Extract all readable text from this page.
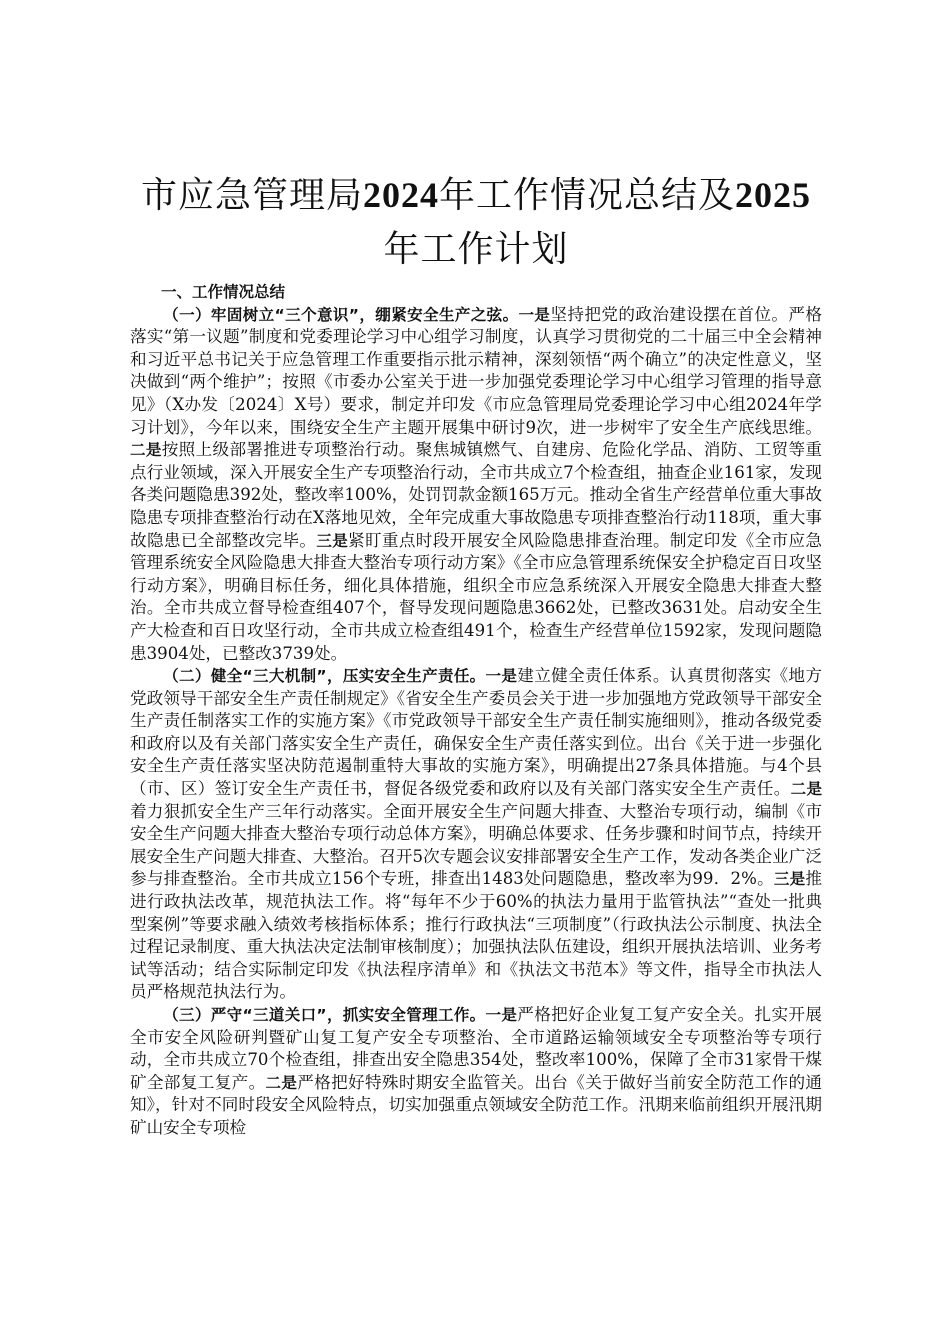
市应急管理局2024年工作情况总结及2025年工作计划
一、工作情况总结

（一）牢固树立“三个意识”，绷紧安全生产之弦。一是坚持把党的政治建设摆在首位。严格落实“第一议题”制度和党委理论学习中心组学习制度，认真学习贯彻党的二十届三中全会精神和习近平总书记关于应急管理工作重要指示批示精神，深刻领悟“两个确立”的决定性意义，坚决做到“两个维护”；按照《市委办公室关于进一步加强党委理论学习中心组学习管理的指导意见》（X办发〔2024〕X号）要求，制定并印发《市应急管理局党委理论学习中心组2024年学习计划》，今年以来，围绕安全生产主题开展集中研讨9次，进一步树牢了安全生产底线思维。二是按照上级部署推进专项整治行动。聚焦城镇燃气、自建房、危险化学品、消防、工贸等重点行业领域，深入开展安全生产专项整治行动，全市共成立7个检查组，抽查企业161家，发现各类问题隐患392处，整改率100%，处罚罚款金额165万元。推动全省生产经营单位重大事故隐患专项排查整治行动在X落地见效，全年完成重大事故隐患专项排查整治行动118项，重大事故隐患已全部整改完毕。三是紧盯重点时段开展安全风险隐患排查治理。制定印发《全市应急管理系统安全风险隐患大排查大整治专项行动方案》《全市应急管理系统保安全护稳定百日攻坚行动方案》，明确目标任务，细化具体措施，组织全市应急系统深入开展安全隐患大排查大整治。全市共成立督导检查组407个，督导发现问题隐患3662处，已整改3631处。启动安全生产大检查和百日攻坚行动，全市共成立检查组491个，检查生产经营单位1592家，发现问题隐患3904处，已整改3739处。

（二）健全“三大机制”，压实安全生产责任。一是建立健全责任体系。认真贯彻落实《地方党政领导干部安全生产责任制规定》《省安全生产委员会关于进一步加强地方党政领导干部安全生产责任制落实工作的实施方案》《市党政领导干部安全生产责任制实施细则》，推动各级党委和政府以及有关部门落实安全生产责任，确保安全生产责任落实到位。出台《关于进一步强化安全生产责任落实坚决防范遏制重特大事故的实施方案》，明确提出27条具体措施。与4个县（市、区）签订安全生产责任书，督促各级党委和政府以及有关部门落实安全生产责任。二是着力狠抓安全生产三年行动落实。全面开展安全生产问题大排查、大整治专项行动，编制《市安全生产问题大排查大整治专项行动总体方案》，明确总体要求、任务步骤和时间节点，持续开展安全生产问题大排查、大整治。召开5次专题会议安排部署安全生产工作，发动各类企业广泛参与排查整治。全市共成立156个专班，排查出1483处问题隐患，整改率为99．2%。三是推进行政执法改革，规范执法工作。将“每年不少于60%的执法力量用于监管执法”“查处一批典型案例”等要求融入绩效考核指标体系；推行行政执法“三项制度”（行政执法公示制度、执法全过程记录制度、重大执法决定法制审核制度）；加强执法队伍建设，组织开展执法培训、业务考试等活动；结合实际制定印发《执法程序清单》和《执法文书范本》等文件，指导全市执法人员严格规范执法行为。

（三）严守“三道关口”，抓实安全管理工作。一是严格把好企业复工复产安全关。扎实开展全市安全风险研判暨矿山复工复产安全专项整治、全市道路运输领域安全专项整治等专项行动，全市共成立70个检查组，排查出安全隐患354处，整改率100%，保障了全市31家骨干煤矿全部复工复产。二是严格把好特殊时期安全监管关。出台《关于做好当前安全防范工作的通知》，针对不同时段安全风险特点，切实加强重点领域安全防范工作。汛期来临前组织开展汛期矿山安全专项检
